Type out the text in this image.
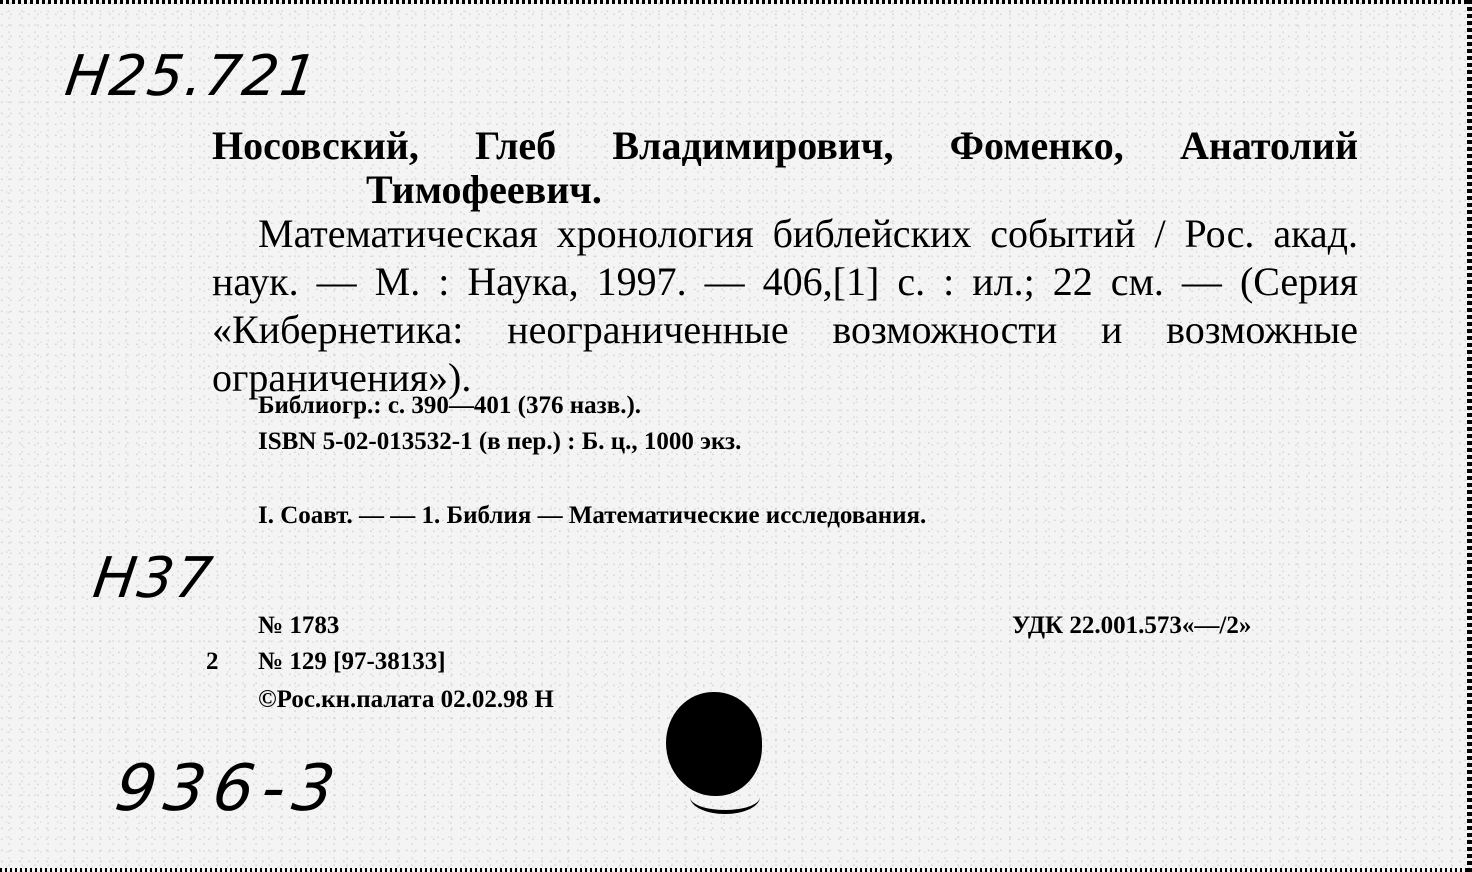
Н25.721
Носовский, Глеб Владимирович, Фоменко, Анатолий
Тимофеевич.
Математическая хронология библейских событий / Рос. акад. наук. — М. : Наука, 1997. — 406,[1] с. : ил.; 22 см. — (Серия «Кибернетика: неограниченные возможности и возможные ограничения»).
Библиогр.: с. 390—401 (376 назв.).
ISBN 5-02-013532-1 (в пер.) : Б. ц., 1000 экз.
I. Соавт. — — 1. Библия — Математические исследования.
Н37
№ 1783
2 № 129 [97-38133]
©Рос.кн.палата 02.02.98 Н
УДК 22.001.573«—/2»
936-3
